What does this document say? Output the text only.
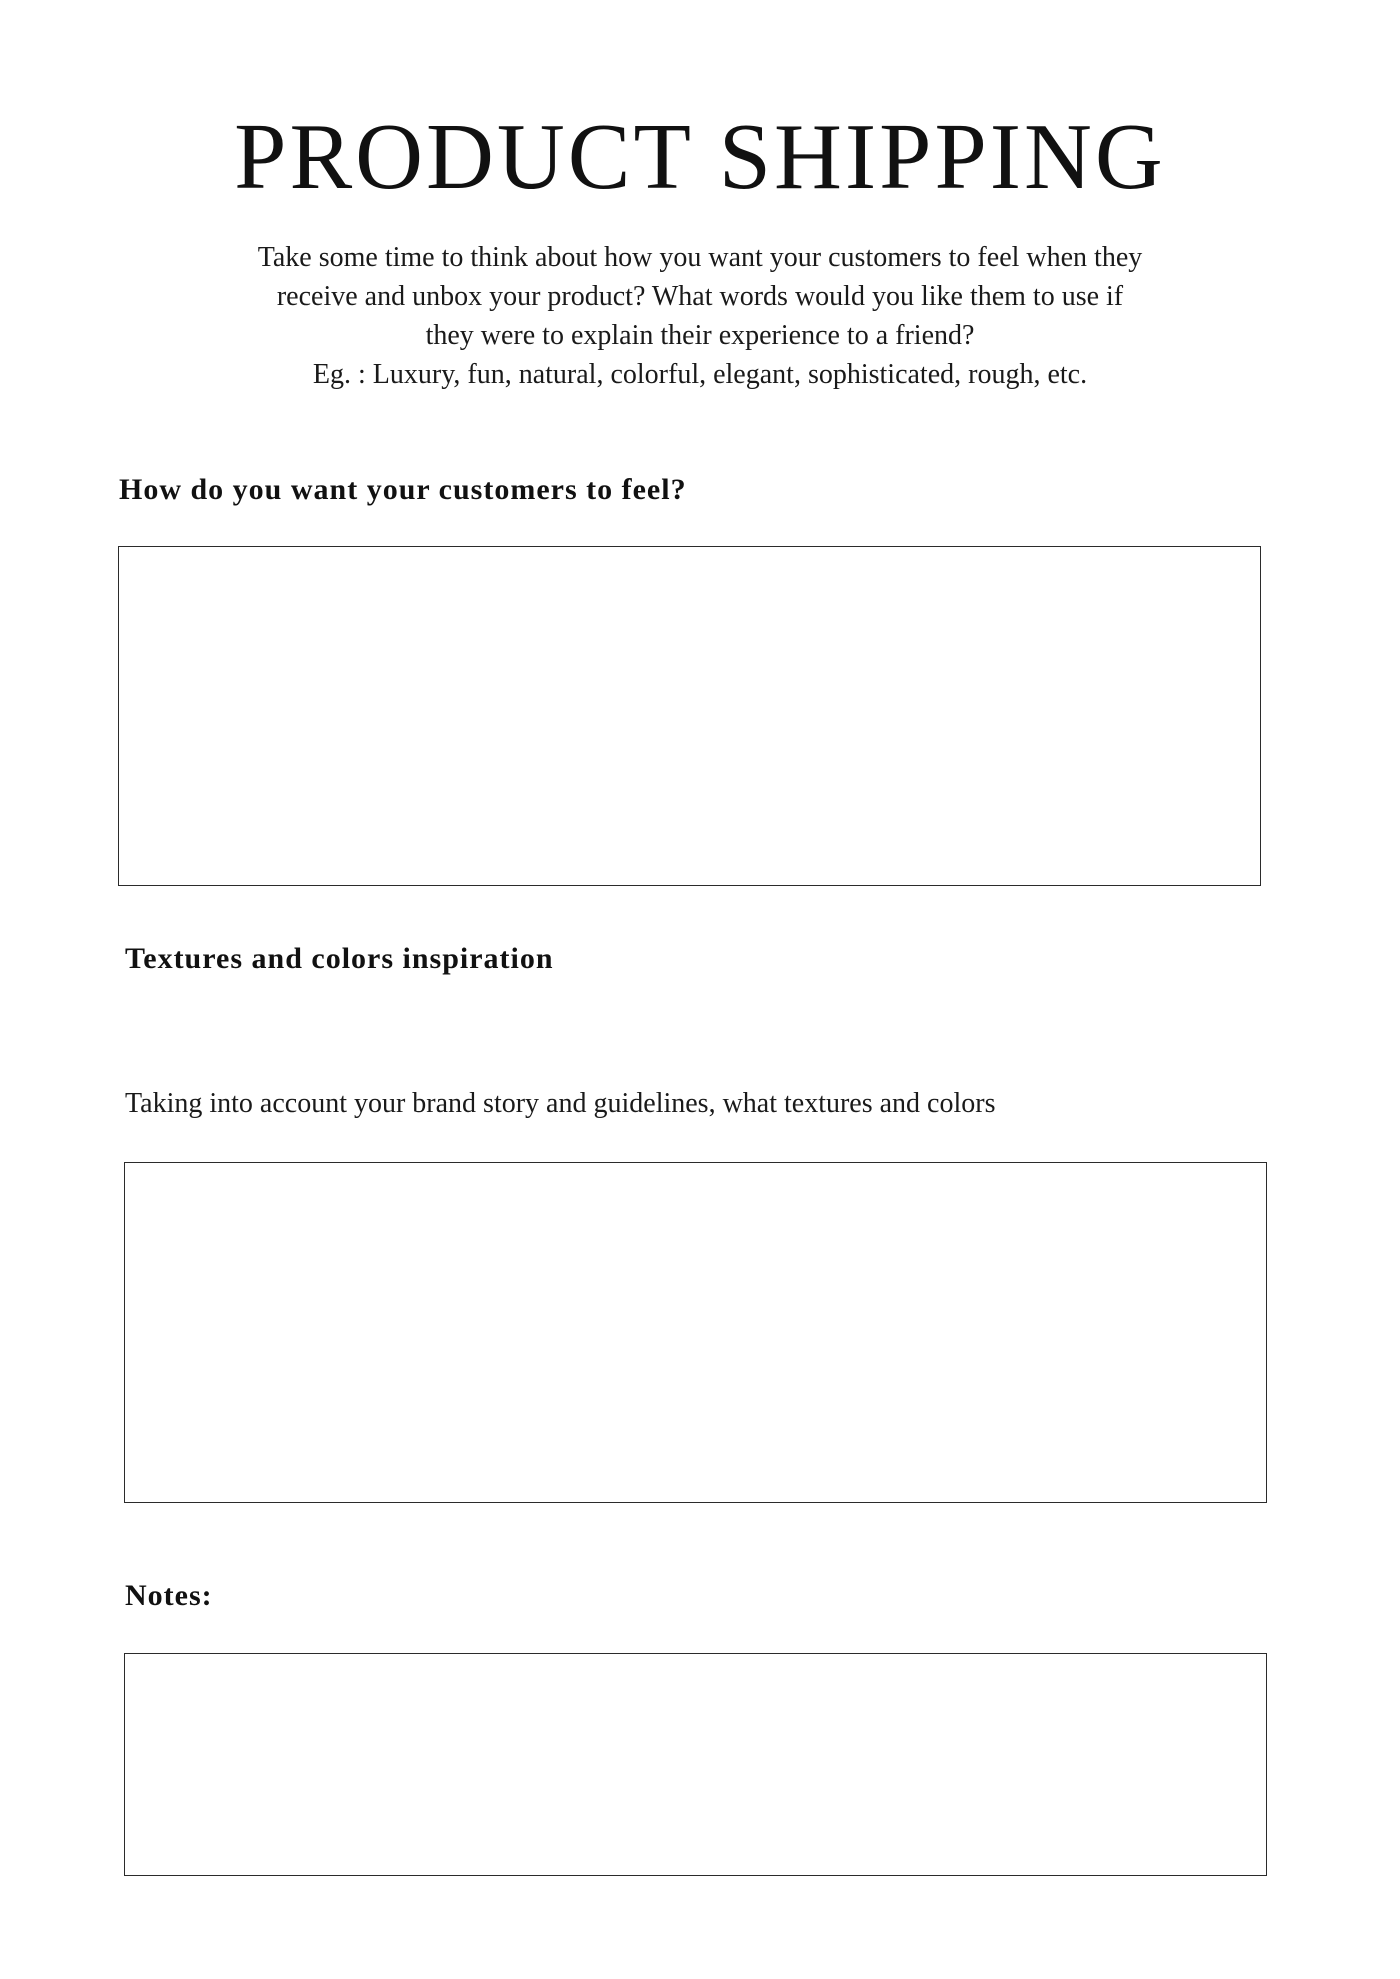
PRODUCT SHIPPING
Take some time to think about how you want your customers to feel when they
receive and unbox your product? What words would you like them to use if
they were to explain their experience to a friend?
Eg. : Luxury, fun, natural, colorful, elegant, sophisticated, rough, etc.
How do you want your customers to feel?
Textures and colors inspiration

Taking into account your brand story and guidelines, what textures and colors

Notes:
